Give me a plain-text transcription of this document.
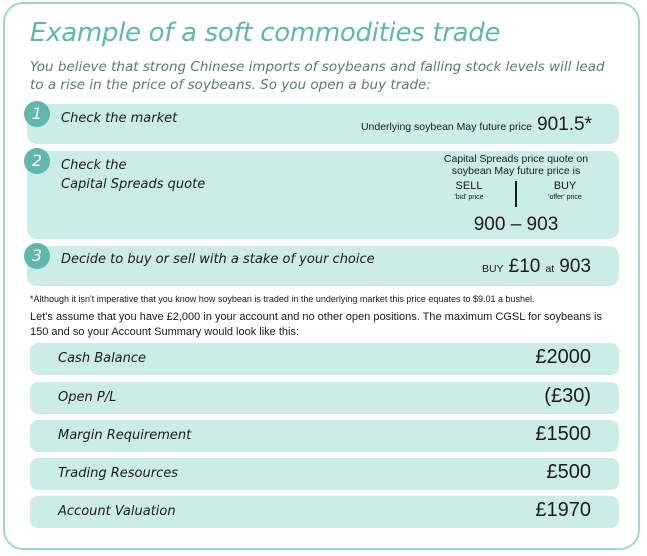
Example of a soft commodities trade
You believe that strong Chinese imports of soybeans and falling stock levels will lead to a rise in the price of soybeans. So you open a buy trade:
1	Check the market
Underlying soybean May future price 901.5*
2	Check the
Capital Spreads quote
Capital Spreads price quote on
soybean May future price is
SELL
'bid' price
BUY
'offer' price
900 – 903
3	Decide to buy or sell with a stake of your choice
BUY £10 at 903
*Although it isn't imperative that you know how soybean is traded in the underlying market this price equates to $9.01 a bushel.
Let's assume that you have £2,000 in your account and no other open positions. The maximum CGSL for soybeans is 150 and so your Account Summary would look like this:
Cash Balance	£2000
Open P/L	(£30)
Margin Requirement	£1500
Trading Resources	£500
Account Valuation	£1970
